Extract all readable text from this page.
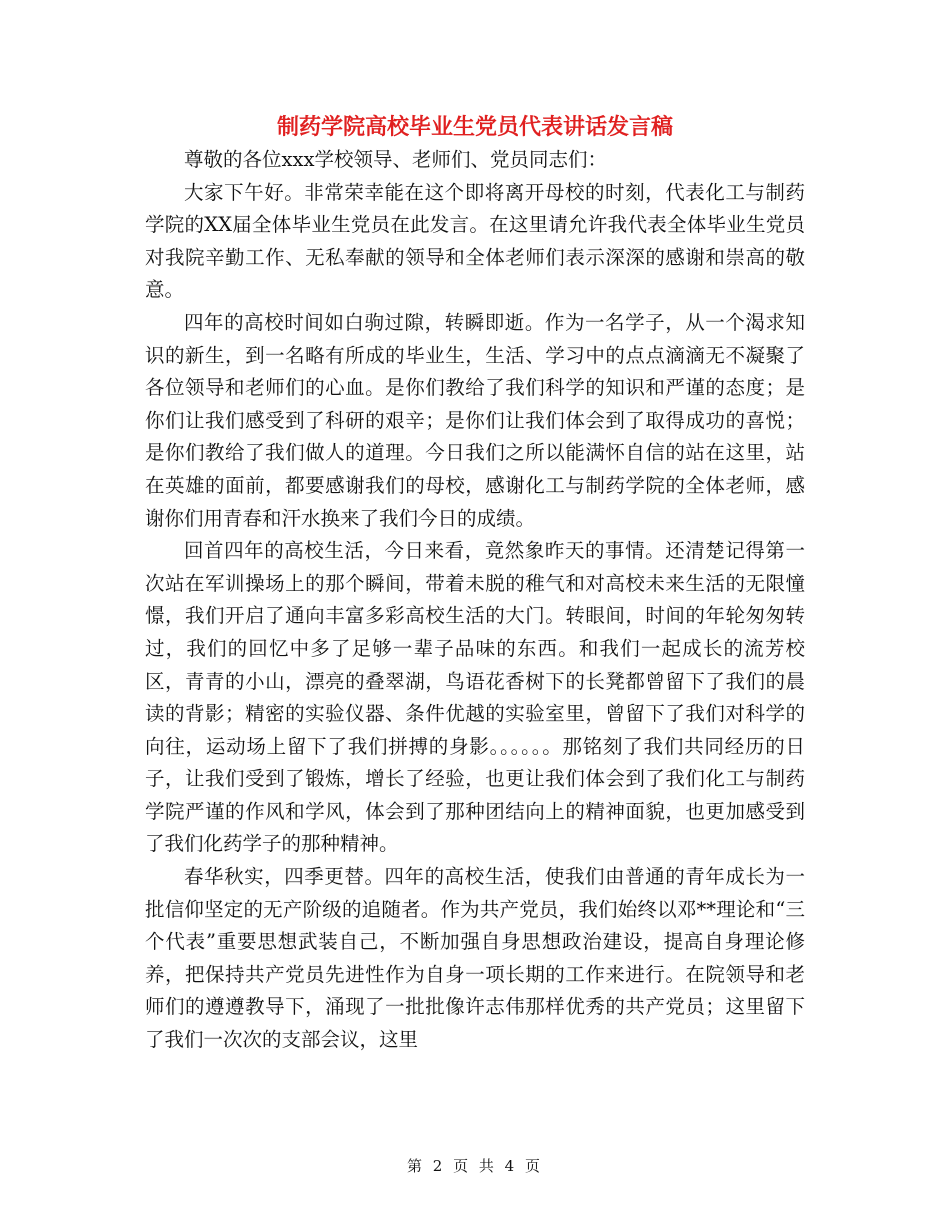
制药学院高校毕业生党员代表讲话发言稿

尊敬的各位xxx学校领导、老师们、党员同志们：

大家下午好。非常荣幸能在这个即将离开母校的时刻，代表化工与制药学院的XX届全体毕业生党员在此发言。在这里请允许我代表全体毕业生党员对我院辛勤工作、无私奉献的领导和全体老师们表示深深的感谢和崇高的敬意。

四年的高校时间如白驹过隙，转瞬即逝。作为一名学子，从一个渴求知识的新生，到一名略有所成的毕业生，生活、学习中的点点滴滴无不凝聚了各位领导和老师们的心血。是你们教给了我们科学的知识和严谨的态度；是你们让我们感受到了科研的艰辛；是你们让我们体会到了取得成功的喜悦；是你们教给了我们做人的道理。今日我们之所以能满怀自信的站在这里，站在英雄的面前，都要感谢我们的母校，感谢化工与制药学院的全体老师，感谢你们用青春和汗水换来了我们今日的成绩。

回首四年的高校生活，今日来看，竟然象昨天的事情。还清楚记得第一次站在军训操场上的那个瞬间，带着未脱的稚气和对高校未来生活的无限憧憬，我们开启了通向丰富多彩高校生活的大门。转眼间，时间的年轮匆匆转过，我们的回忆中多了足够一辈子品味的东西。和我们一起成长的流芳校区，青青的小山，漂亮的叠翠湖，鸟语花香树下的长凳都曾留下了我们的晨读的背影；精密的实验仪器、条件优越的实验室里，曾留下了我们对科学的向往，运动场上留下了我们拼搏的身影。。。。。。那铭刻了我们共同经历的日子，让我们受到了锻炼，增长了经验，也更让我们体会到了我们化工与制药学院严谨的作风和学风，体会到了那种团结向上的精神面貌，也更加感受到了我们化药学子的那种精神。

春华秋实，四季更替。四年的高校生活，使我们由普通的青年成长为一批信仰坚定的无产阶级的追随者。作为共产党员，我们始终以邓**理论和“三个代表”重要思想武装自己，不断加强自身思想政治建设，提高自身理论修养，把保持共产党员先进性作为自身一项长期的工作来进行。在院领导和老师们的遵遵教导下，涌现了一批批像许志伟那样优秀的共产党员；这里留下了我们一次次的支部会议，这里

第 2 页 共 4 页
